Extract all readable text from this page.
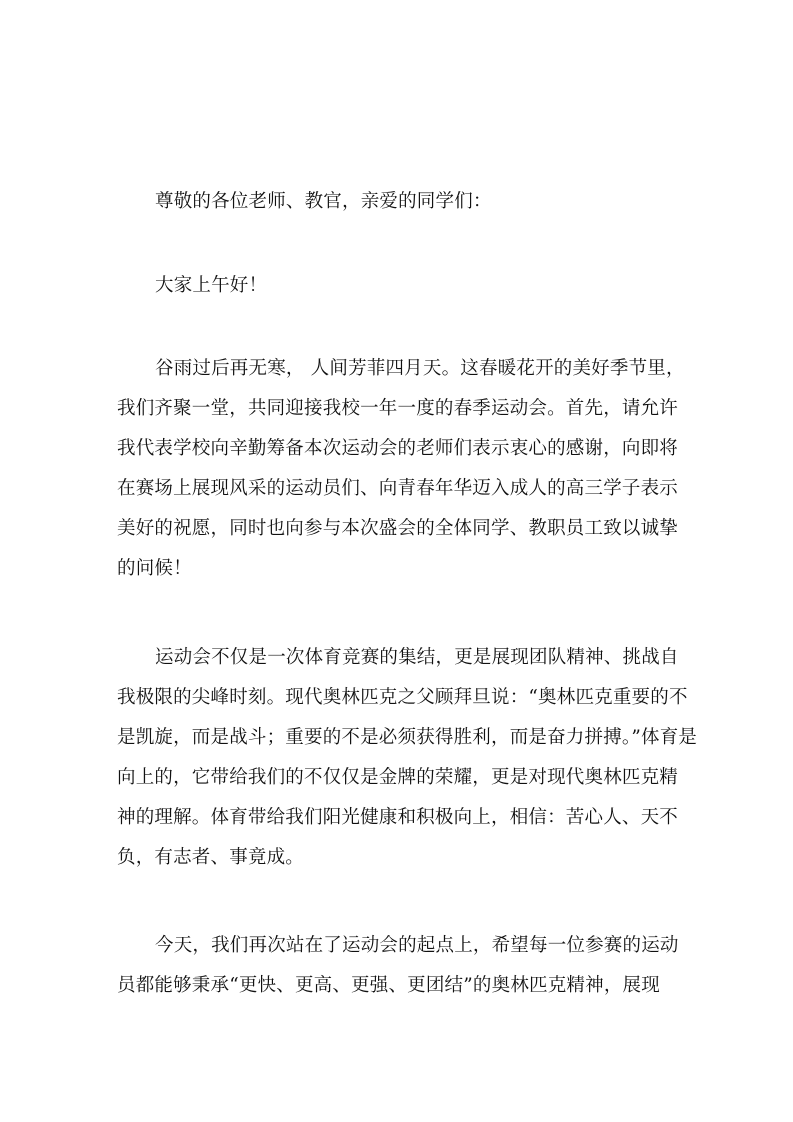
尊敬的各位老师、教官，亲爱的同学们：
大家上午好！
谷雨过后再无寒， 人间芳菲四月天。这春暖花开的美好季节里，
我们齐聚一堂，共同迎接我校一年一度的春季运动会。首先，请允许
我代表学校向辛勤筹备本次运动会的老师们表示衷心的感谢，向即将
在赛场上展现风采的运动员们、向青春年华迈入成人的高三学子表示
美好的祝愿，同时也向参与本次盛会的全体同学、教职员工致以诚挚
的问候！
运动会不仅是一次体育竞赛的集结，更是展现团队精神、挑战自
我极限的尖峰时刻。现代奥林匹克之父顾拜旦说：“奥林匹克重要的不
是凯旋，而是战斗；重要的不是必须获得胜利，而是奋力拼搏。”体育是
向上的，它带给我们的不仅仅是金牌的荣耀，更是对现代奥林匹克精
神的理解。体育带给我们阳光健康和积极向上，相信：苦心人、天不
负，有志者、事竟成。
今天，我们再次站在了运动会的起点上，希望每一位参赛的运动
员都能够秉承“更快、更高、更强、更团结”的奥林匹克精神，展现
